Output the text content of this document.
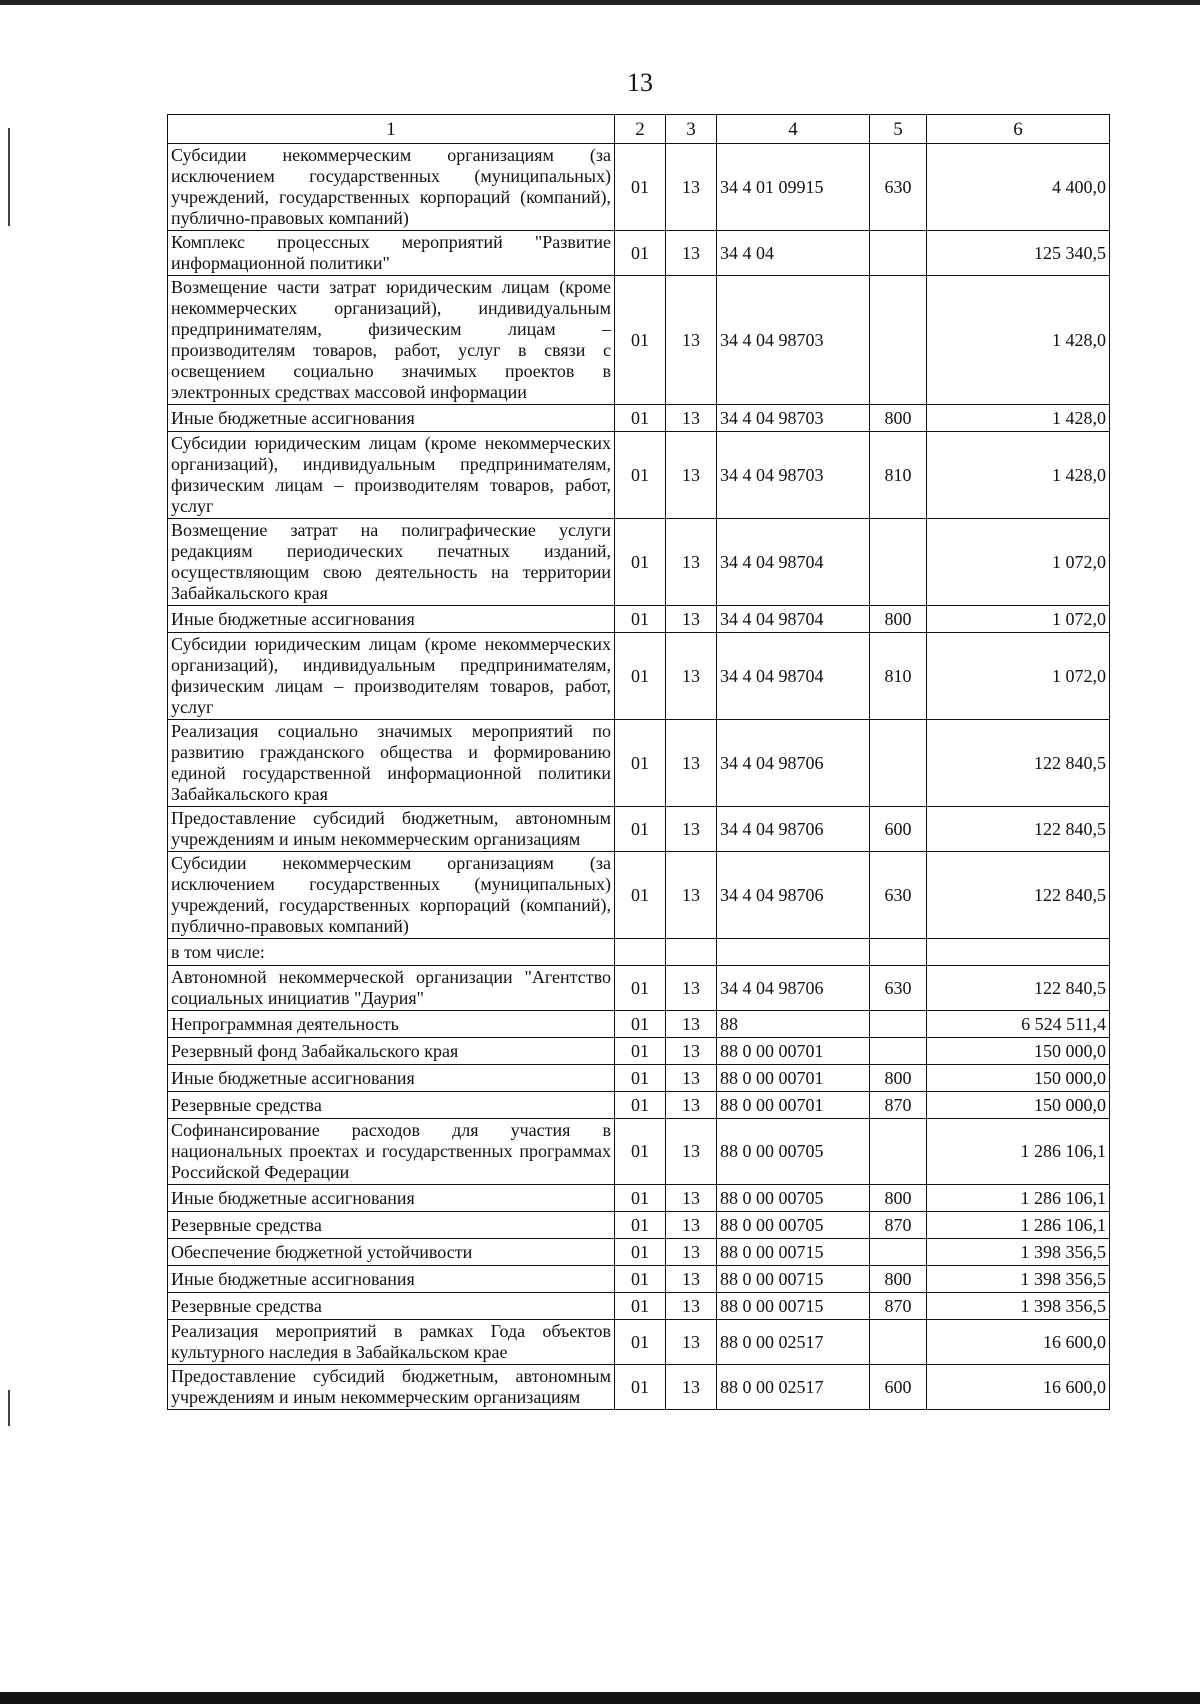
13
1	2	3	4	5	6
Субсидии некоммерческим организациям (за исключением государственных (муниципальных) учреждений, государственных корпораций (компаний), публично-правовых компаний)	01	13	34 4 01 09915	630	4 400,0
Комплекс процессных мероприятий "Развитие информационной политики"	01	13	34 4 04		125 340,5
Возмещение части затрат юридическим лицам (кроме некоммерческих организаций), индивидуальным предпринимателям, физическим лицам – производителям товаров, работ, услуг в связи с освещением социально значимых проектов в электронных средствах массовой информации	01	13	34 4 04 98703		1 428,0
Иные бюджетные ассигнования	01	13	34 4 04 98703	800	1 428,0
Субсидии юридическим лицам (кроме некоммерческих организаций), индивидуальным предпринимателям, физическим лицам – производителям товаров, работ, услуг	01	13	34 4 04 98703	810	1 428,0
Возмещение затрат на полиграфические услуги редакциям периодических печатных изданий, осуществляющим свою деятельность на территории Забайкальского края	01	13	34 4 04 98704		1 072,0
Иные бюджетные ассигнования	01	13	34 4 04 98704	800	1 072,0
Субсидии юридическим лицам (кроме некоммерческих организаций), индивидуальным предпринимателям, физическим лицам – производителям товаров, работ, услуг	01	13	34 4 04 98704	810	1 072,0
Реализация социально значимых мероприятий по развитию гражданского общества и формированию единой государственной информационной политики Забайкальского края	01	13	34 4 04 98706		122 840,5
Предоставление субсидий бюджетным, автономным учреждениям и иным некоммерческим организациям	01	13	34 4 04 98706	600	122 840,5
Субсидии некоммерческим организациям (за исключением государственных (муниципальных) учреждений, государственных корпораций (компаний), публично-правовых компаний)	01	13	34 4 04 98706	630	122 840,5
в том числе:					
Автономной некоммерческой организации "Агентство социальных инициатив "Даурия"	01	13	34 4 04 98706	630	122 840,5
Непрограммная деятельность	01	13	88		6 524 511,4
Резервный фонд Забайкальского края	01	13	88 0 00 00701		150 000,0
Иные бюджетные ассигнования	01	13	88 0 00 00701	800	150 000,0
Резервные средства	01	13	88 0 00 00701	870	150 000,0
Софинансирование расходов для участия в национальных проектах и государственных программах Российской Федерации	01	13	88 0 00 00705		1 286 106,1
Иные бюджетные ассигнования	01	13	88 0 00 00705	800	1 286 106,1
Резервные средства	01	13	88 0 00 00705	870	1 286 106,1
Обеспечение бюджетной устойчивости	01	13	88 0 00 00715		1 398 356,5
Иные бюджетные ассигнования	01	13	88 0 00 00715	800	1 398 356,5
Резервные средства	01	13	88 0 00 00715	870	1 398 356,5
Реализация мероприятий в рамках Года объектов культурного наследия в Забайкальском крае	01	13	88 0 00 02517		16 600,0
Предоставление субсидий бюджетным, автономным учреждениям и иным некоммерческим организациям	01	13	88 0 00 02517	600	16 600,0
